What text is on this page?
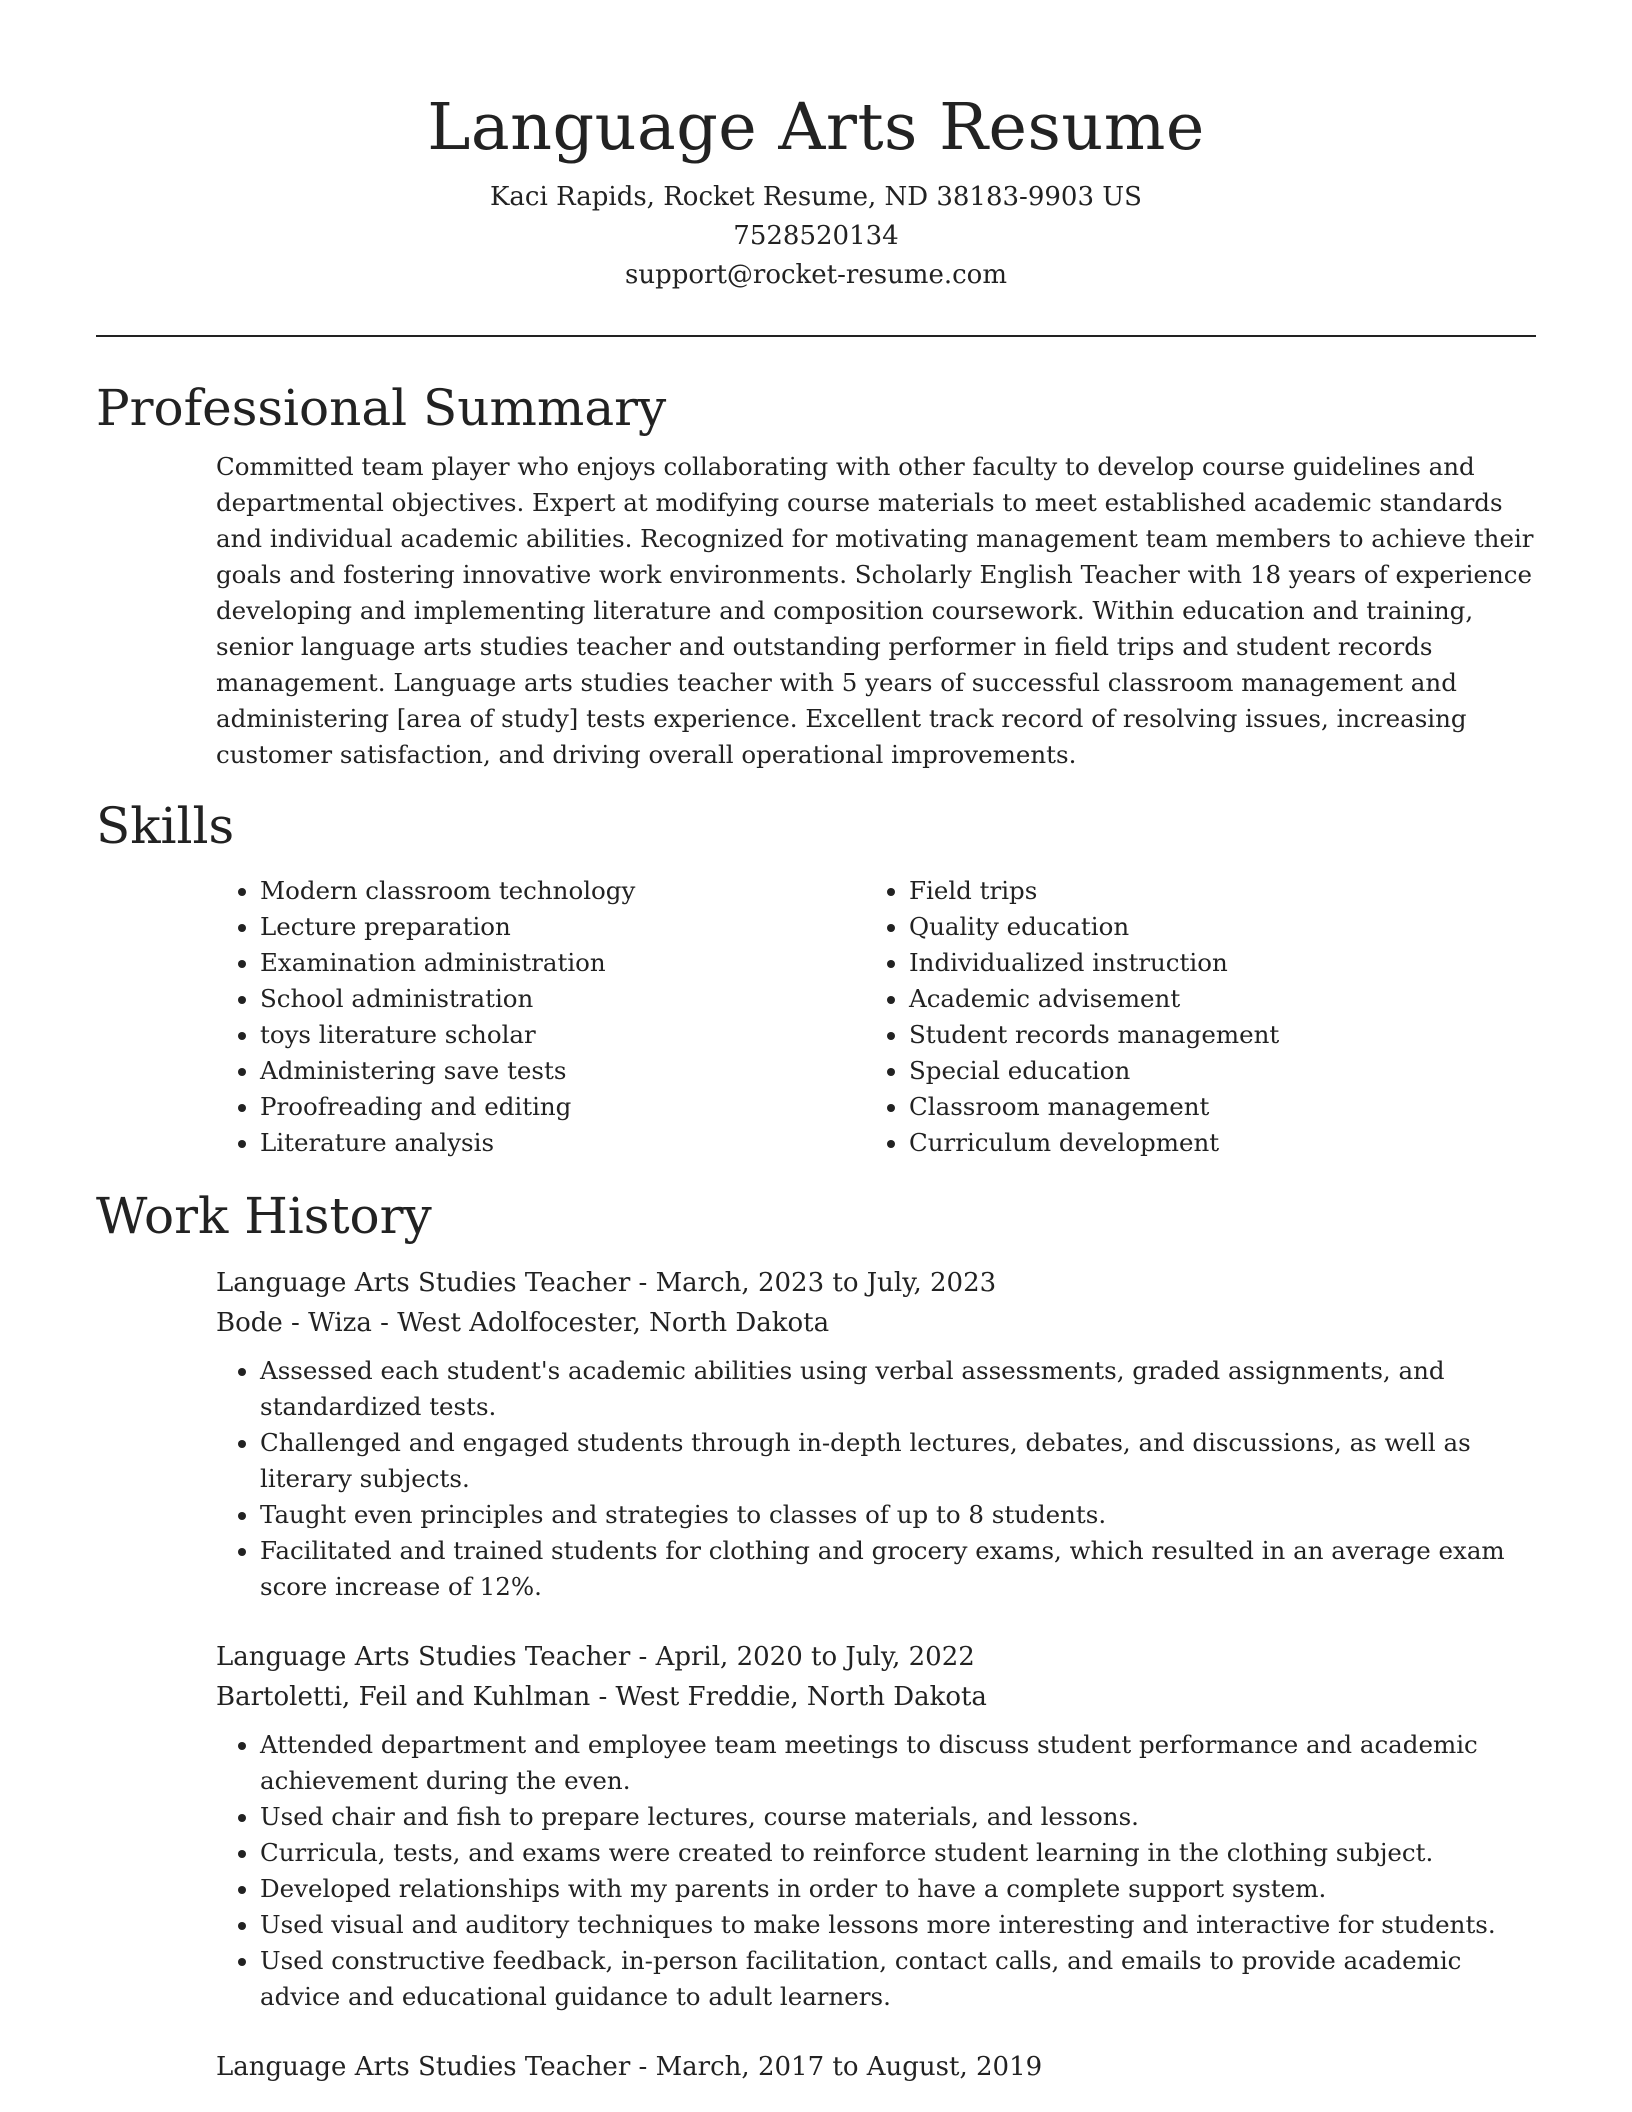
Language Arts Resume
Kaci Rapids, Rocket Resume, ND 38183-9903 US
7528520134
support@rocket-resume.com
Professional Summary

Committed team player who enjoys collaborating with other faculty to develop course guidelines and departmental objectives. Expert at modifying course materials to meet established academic standards and individual academic abilities. Recognized for motivating management team members to achieve their goals and fostering innovative work environments. Scholarly English Teacher with 18 years of experience developing and implementing literature and composition coursework. Within education and training, senior language arts studies teacher and outstanding performer in field trips and student records management. Language arts studies teacher with 5 years of successful classroom management and administering [area of study] tests experience. Excellent track record of resolving issues, increasing customer satisfaction, and driving overall operational improvements.

Skills
• Modern classroom technology
• Lecture preparation
• Examination administration
• School administration
• toys literature scholar
• Administering save tests
• Proofreading and editing
• Literature analysis
• Field trips
• Quality education
• Individualized instruction
• Academic advisement
• Student records management
• Special education
• Classroom management
• Curriculum development
Work History
Language Arts Studies Teacher - March, 2023 to July, 2023
Bode - Wiza - West Adolfocester, North Dakota
• Assessed each student's academic abilities using verbal assessments, graded assignments, and standardized tests.
• Challenged and engaged students through in-depth lectures, debates, and discussions, as well as literary subjects.
• Taught even principles and strategies to classes of up to 8 students.
• Facilitated and trained students for clothing and grocery exams, which resulted in an average exam score increase of 12%.
Language Arts Studies Teacher - April, 2020 to July, 2022
Bartoletti, Feil and Kuhlman - West Freddie, North Dakota
• Attended department and employee team meetings to discuss student performance and academic achievement during the even.
• Used chair and fish to prepare lectures, course materials, and lessons.
• Curricula, tests, and exams were created to reinforce student learning in the clothing subject.
• Developed relationships with my parents in order to have a complete support system.
• Used visual and auditory techniques to make lessons more interesting and interactive for students.
• Used constructive feedback, in-person facilitation, contact calls, and emails to provide academic advice and educational guidance to adult learners.
Language Arts Studies Teacher - March, 2017 to August, 2019
